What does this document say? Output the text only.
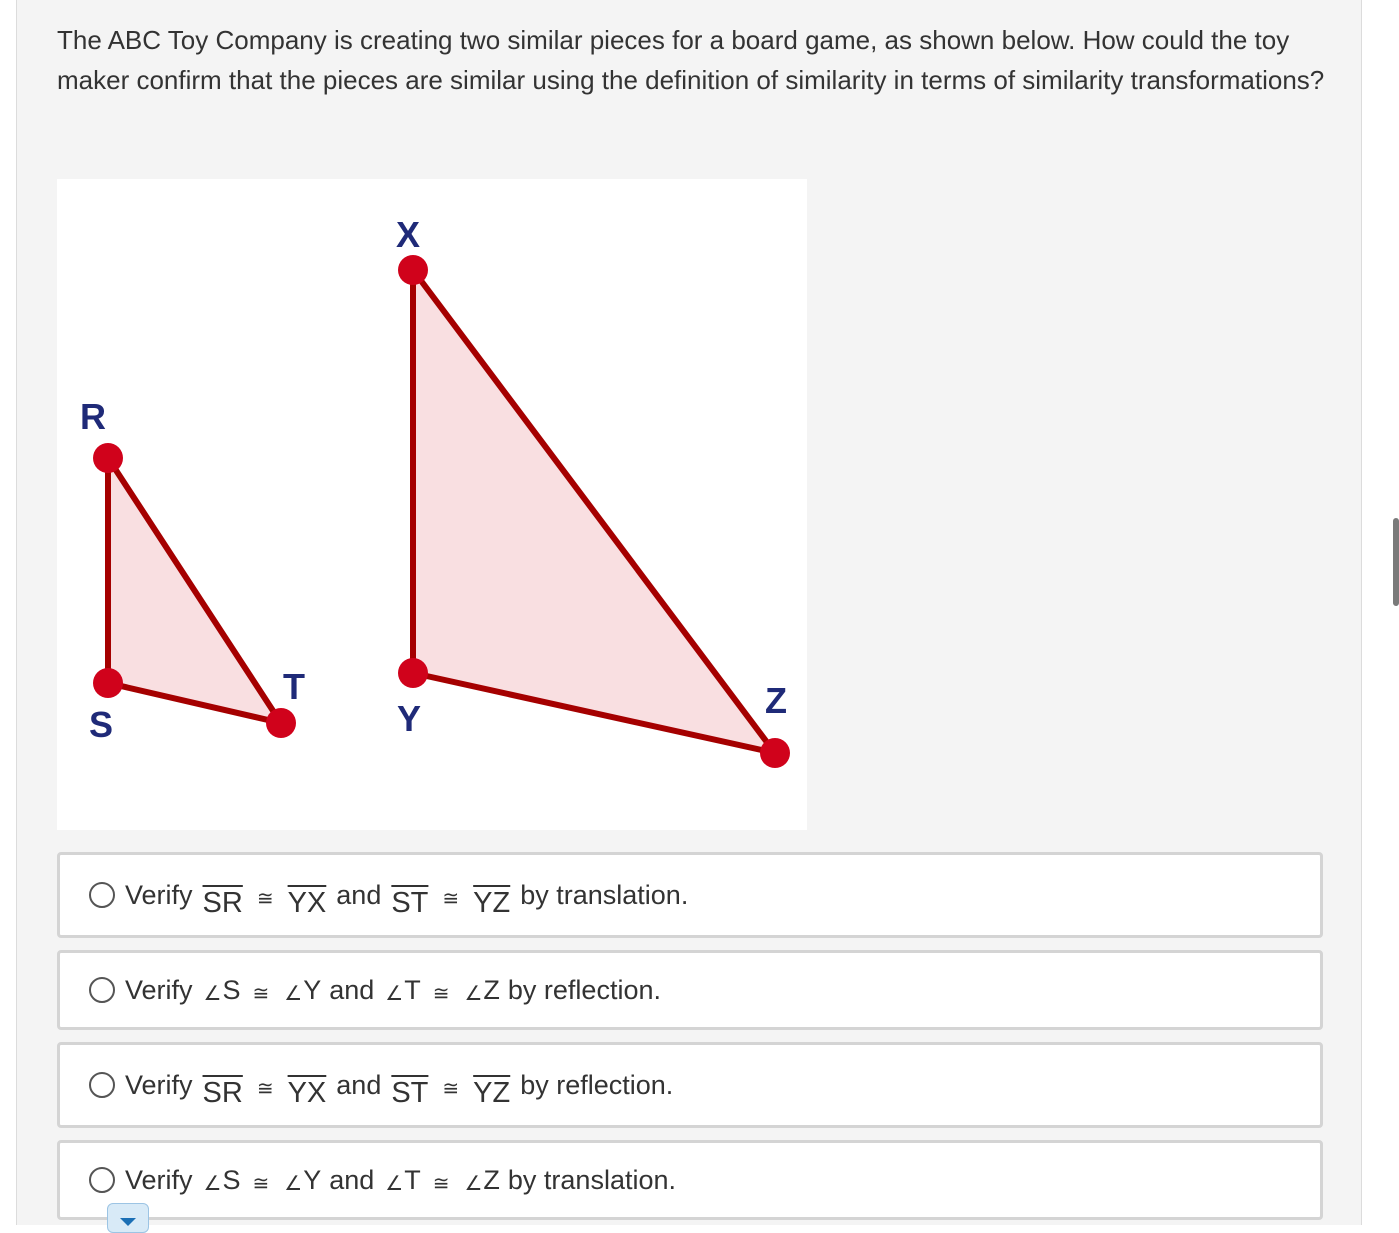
The ABC Toy Company is creating two similar pieces for a board game, as shown below. How could the toy maker confirm that the pieces are similar using the definition of similarity in terms of similarity transformations?

R
S
T
X
Y	Z
Verify $\overline{SR}$ ≅ $\overline{YX}$ and $\overline{ST}$ ≅ $\overline{YZ}$ by translation.
Verify ∠ S ≅ ∠ Y and ∠ T ≅ ∠ Z by reflection.
Verify $\overline{SR}$ ≅ $\overline{YX}$ and $\overline{ST}$ ≅ $\overline{YZ}$ by reflection.
Verify ∠ S ≅ ∠ Y and ∠ T ≅ ∠ Z by translation.
